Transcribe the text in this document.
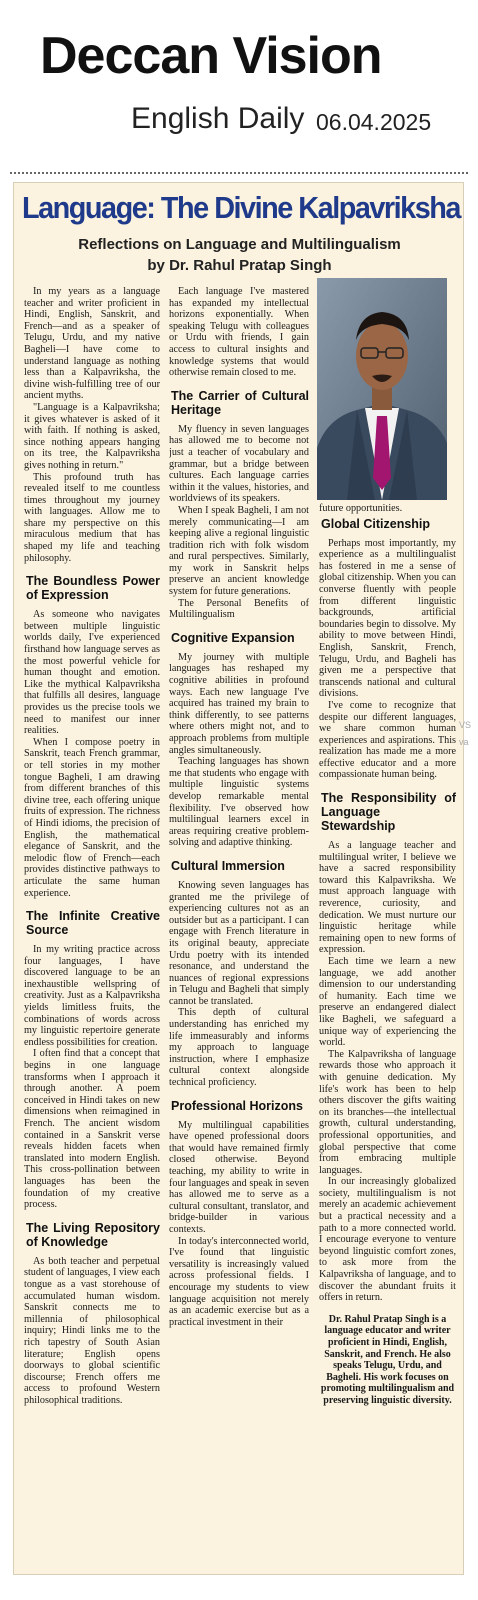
Deccan Vision
English Daily 06.04.2025
Language: The Divine Kalpavriksha
Reflections on Language and Multilingualism
by Dr. Rahul Pratap Singh

In my years as a language teacher and writer proficient in Hindi, English, Sanskrit, and French—and as a speaker of Telugu, Urdu, and my native Bagheli—I have come to understand language as nothing less than a Kalpavriksha, the divine wish-fulfilling tree of our ancient myths.

"Language is a Kalpavriksha; it gives whatever is asked of it with faith. If nothing is asked, since nothing appears hanging on its tree, the Kalpavriksha gives nothing in return."

This profound truth has revealed itself to me countless times throughout my journey with languages. Allow me to share my perspective on this miraculous medium that has shaped my life and teaching philosophy.

The Boundless Power of Expression

As someone who navigates between multiple linguistic worlds daily, I've experienced firsthand how language serves as the most powerful vehicle for human thought and emotion. Like the mythical Kalpavriksha that fulfills all desires, language provides us the precise tools we need to manifest our inner realities.

When I compose poetry in Sanskrit, teach French grammar, or tell stories in my mother tongue Bagheli, I am drawing from different branches of this divine tree, each offering unique fruits of expression. The richness of Hindi idioms, the precision of English, the mathematical elegance of Sanskrit, and the melodic flow of French—each provides distinctive pathways to articulate the same human experience.

The Infinite Creative Source

In my writing practice across four languages, I have discovered language to be an inexhaustible wellspring of creativity. Just as a Kalpavriksha yields limitless fruits, the combinations of words across my linguistic repertoire generate endless possibilities for creation.

I often find that a concept that begins in one language transforms when I approach it through another. A poem conceived in Hindi takes on new dimensions when reimagined in French. The ancient wisdom contained in a Sanskrit verse reveals hidden facets when translated into modern English. This cross-pollination between languages has been the foundation of my creative process.

The Living Repository of Knowledge

As both teacher and perpetual student of languages, I view each tongue as a vast storehouse of accumulated human wisdom. Sanskrit connects me to millennia of philosophical inquiry; Hindi links me to the rich tapestry of South Asian literature; English opens doorways to global scientific discourse; French offers me access to profound Western philosophical traditions.

Each language I've mastered has expanded my intellectual horizons exponentially. When speaking Telugu with colleagues or Urdu with friends, I gain access to cultural insights and knowledge systems that would otherwise remain closed to me.

The Carrier of Cultural Heritage

My fluency in seven languages has allowed me to become not just a teacher of vocabulary and grammar, but a bridge between cultures. Each language carries within it the values, histories, and worldviews of its speakers.

When I speak Bagheli, I am not merely communicating—I am keeping alive a regional linguistic tradition rich with folk wisdom and rural perspectives. Similarly, my work in Sanskrit helps preserve an ancient knowledge system for future generations.

The Personal Benefits of Multilingualism

Cognitive Expansion

My journey with multiple languages has reshaped my cognitive abilities in profound ways. Each new language I've acquired has trained my brain to think differently, to see patterns where others might not, and to approach problems from multiple angles simultaneously.

Teaching languages has shown me that students who engage with multiple linguistic systems develop remarkable mental flexibility. I've observed how multilingual learners excel in areas requiring creative problem-solving and adaptive thinking.

Cultural Immersion

Knowing seven languages has granted me the privilege of experiencing cultures not as an outsider but as a participant. I can engage with French literature in its original beauty, appreciate Urdu poetry with its intended resonance, and understand the nuances of regional expressions in Telugu and Bagheli that simply cannot be translated.

This depth of cultural understanding has enriched my life immeasurably and informs my approach to language instruction, where I emphasize cultural context alongside technical proficiency.

Professional Horizons

My multilingual capabilities have opened professional doors that would have remained firmly closed otherwise. Beyond teaching, my ability to write in four languages and speak in seven has allowed me to serve as a cultural consultant, translator, and bridge-builder in various contexts.

In today's interconnected world, I've found that linguistic versatility is increasingly valued across professional fields. I encourage my students to view language acquisition not merely as an academic exercise but as a practical investment in their

future opportunities.

Global Citizenship

Perhaps most importantly, my experience as a multilingualist has fostered in me a sense of global citizenship. When you can converse fluently with people from different linguistic backgrounds, artificial boundaries begin to dissolve. My ability to move between Hindi, English, Sanskrit, French, Telugu, Urdu, and Bagheli has given me a perspective that transcends national and cultural divisions.

I've come to recognize that despite our different languages, we share common human experiences and aspirations. This realization has made me a more effective educator and a more compassionate human being.

The Responsibility of Language Stewardship

As a language teacher and multilingual writer, I believe we have a sacred responsibility toward this Kalpavriksha. We must approach language with reverence, curiosity, and dedication. We must nurture our linguistic heritage while remaining open to new forms of expression.

Each time we learn a new language, we add another dimension to our understanding of humanity. Each time we preserve an endangered dialect like Bagheli, we safeguard a unique way of experiencing the world.

The Kalpavriksha of language rewards those who approach it with genuine dedication. My life's work has been to help others discover the gifts waiting on its branches—the intellectual growth, cultural understanding, professional opportunities, and global perspective that come from embracing multiple languages.

In our increasingly globalized society, multilingualism is not merely an academic achievement but a practical necessity and a path to a more connected world. I encourage everyone to venture beyond linguistic comfort zones, to ask more from the Kalpavriksha of language, and to discover the abundant fruits it offers in return.

Dr. Rahul Pratap Singh is a language educator and writer proficient in Hindi, English, Sanskrit, and French. He also speaks Telugu, Urdu, and Bagheli. His work focuses on promoting multilingualism and preserving linguistic diversity.

VS
va
